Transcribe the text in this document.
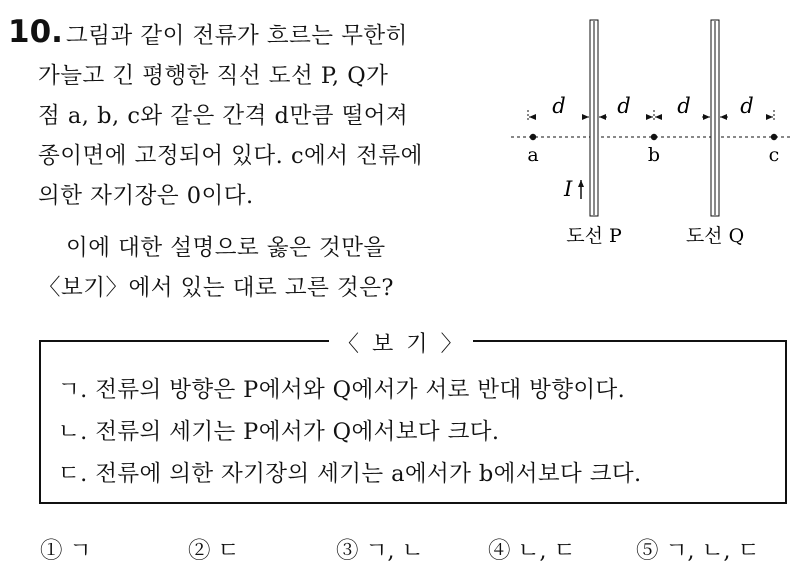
10. 그림과 같이 전류가 흐르는 무한히
가늘고 긴 평행한 직선 도선 P, Q가
점 a, b, c와 같은 간격 d만큼 떨어져
종이면에 고정되어 있다. c에서 전류에
의한 자기장은 0이다.
이에 대한 설명으로 옳은 것만을
〈보기〉에서 있는 대로 고른 것은?
d d d d
a	b	c
I
도선 P	도선 Q
〈 보 기 〉
ㄱ. 전류의 방향은 P에서와 Q에서가 서로 반대 방향이다.
ㄴ. 전류의 세기는 P에서가 Q에서보다 크다.
ㄷ. 전류에 의한 자기장의 세기는 a에서가 b에서보다 크다.
① ㄱ	② ㄷ	③ ㄱ, ㄴ	④ ㄴ, ㄷ	⑤ ㄱ, ㄴ, ㄷ
